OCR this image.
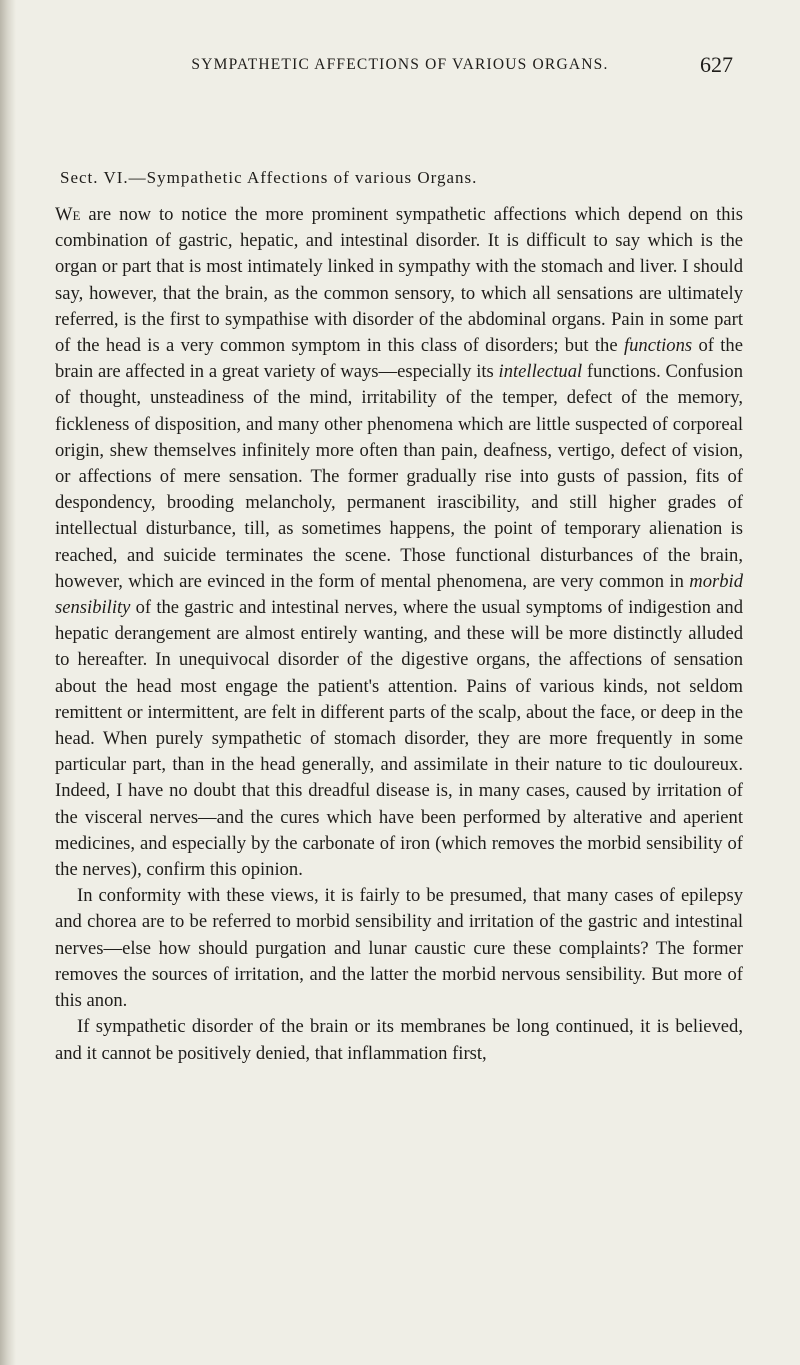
SYMPATHETIC AFFECTIONS OF VARIOUS ORGANS.	627
Sect. VI.—Sympathetic Affections of various Organs.

We are now to notice the more prominent sympathetic affections which depend on this combination of gastric, hepatic, and intestinal disorder. It is difficult to say which is the organ or part that is most intimately linked in sympathy with the stomach and liver. I should say, however, that the brain, as the common sensory, to which all sensations are ultimately referred, is the first to sympathise with disorder of the abdominal organs. Pain in some part of the head is a very common symptom in this class of disorders; but the functions of the brain are affected in a great variety of ways—especially its intellectual functions. Confusion of thought, unsteadiness of the mind, irritability of the temper, defect of the memory, fickleness of disposition, and many other phenomena which are little suspected of corporeal origin, shew themselves infinitely more often than pain, deafness, vertigo, defect of vision, or affections of mere sensation. The former gradually rise into gusts of passion, fits of despondency, brooding melancholy, permanent irascibility, and still higher grades of intellectual disturbance, till, as sometimes happens, the point of temporary alienation is reached, and suicide terminates the scene. Those functional disturbances of the brain, however, which are evinced in the form of mental phenomena, are very common in morbid sensibility of the gastric and intestinal nerves, where the usual symptoms of indigestion and hepatic derangement are almost entirely wanting, and these will be more distinctly alluded to hereafter. In unequivocal disorder of the digestive organs, the affections of sensation about the head most engage the patient's attention. Pains of various kinds, not seldom remittent or intermittent, are felt in different parts of the scalp, about the face, or deep in the head. When purely sympathetic of stomach disorder, they are more frequently in some particular part, than in the head generally, and assimilate in their nature to tic douloureux. Indeed, I have no doubt that this dreadful disease is, in many cases, caused by irritation of the visceral nerves—and the cures which have been performed by alterative and aperient medicines, and especially by the carbonate of iron (which removes the morbid sensibility of the nerves), confirm this opinion.

In conformity with these views, it is fairly to be presumed, that many cases of epilepsy and chorea are to be referred to morbid sensibility and irritation of the gastric and intestinal nerves—else how should purgation and lunar caustic cure these complaints? The former removes the sources of irritation, and the latter the morbid nervous sensibility. But more of this anon.

If sympathetic disorder of the brain or its membranes be long continued, it is believed, and it cannot be positively denied, that inflammation first,
